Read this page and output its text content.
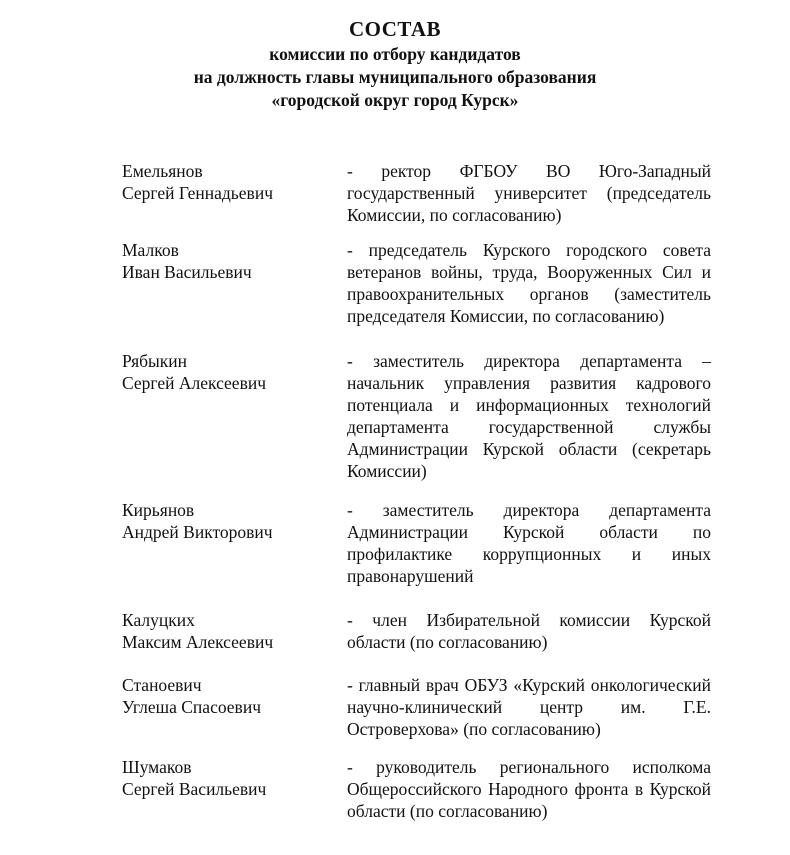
СОСТАВ
комиссии по отбору кандидатов
на должность главы муниципального образования
«городской округ город Курск»
Емельянов
Сергей Геннадьевич
- ректор ФГБОУ ВО Юго-Западный государственный университет (председатель Комиссии, по согласованию)
Малков
Иван Васильевич
- председатель Курского городского совета ветеранов войны, труда, Вооруженных Сил и правоохранительных органов (заместитель председателя Комиссии, по согласованию)
Рябыкин
Сергей Алексеевич
- заместитель директора департамента – начальник управления развития кадрового потенциала и информационных технологий департамента государственной службы Администрации Курской области (секретарь Комиссии)
Кирьянов
Андрей Викторович
- заместитель директора департамента Администрации Курской области по профилактике коррупционных и иных правонарушений
Калуцких
Максим Алексеевич
- член Избирательной комиссии Курской области (по согласованию)
Станоевич
Углеша Спасоевич
- главный врач ОБУЗ «Курский онкологический научно-клинический центр им. Г.Е. Островерхова» (по согласованию)
Шумаков
Сергей Васильевич
- руководитель регионального исполкома Общероссийского Народного фронта в Курской области (по согласованию)
